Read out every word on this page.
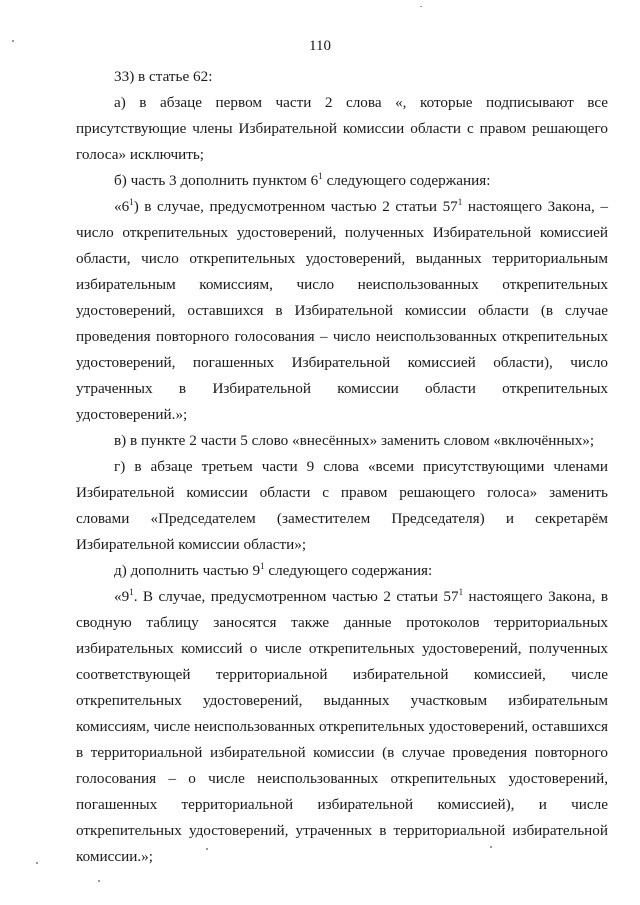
110

33) в статье 62:

а) в абзаце первом части 2 слова «, которые подписывают все присутствующие члены Избирательной комиссии области с правом решающего голоса» исключить;

б) часть 3 дополнить пунктом $6^1$ следующего содержания:

«$6^1$) в случае, предусмотренном частью 2 статьи $57^1$ настоящего Закона, – число открепительных удостоверений, полученных Избирательной комиссией области, число открепительных удостоверений, выданных территориальным избирательным комиссиям, число неиспользованных открепительных удостоверений, оставшихся в Избирательной комиссии области (в случае проведения повторного голосования – число неиспользованных открепительных удостоверений, погашенных Избирательной комиссией области), число утраченных в Избирательной комиссии области открепительных удостоверений.»;

в) в пункте 2 части 5 слово «внесённых» заменить словом «включённых»;

г) в абзаце третьем части 9 слова «всеми присутствующими членами Избирательной комиссии области с правом решающего голоса» заменить словами «Председателем (заместителем Председателя) и секретарём Избирательной комиссии области»;

д) дополнить частью $9^1$ следующего содержания:

«$9^1$. В случае, предусмотренном частью 2 статьи $57^1$ настоящего Закона, в сводную таблицу заносятся также данные протоколов территориальных избирательных комиссий о числе открепительных удостоверений, полученных соответствующей территориальной избирательной комиссией, числе открепительных удостоверений, выданных участковым избирательным комиссиям, числе неиспользованных открепительных удостоверений, оставшихся в территориальной избирательной комиссии (в случае проведения повторного голосования – о числе неиспользованных открепительных удостоверений, погашенных территориальной избирательной комиссией), и числе открепительных удостоверений, утраченных в территориальной избирательной комиссии.»;
